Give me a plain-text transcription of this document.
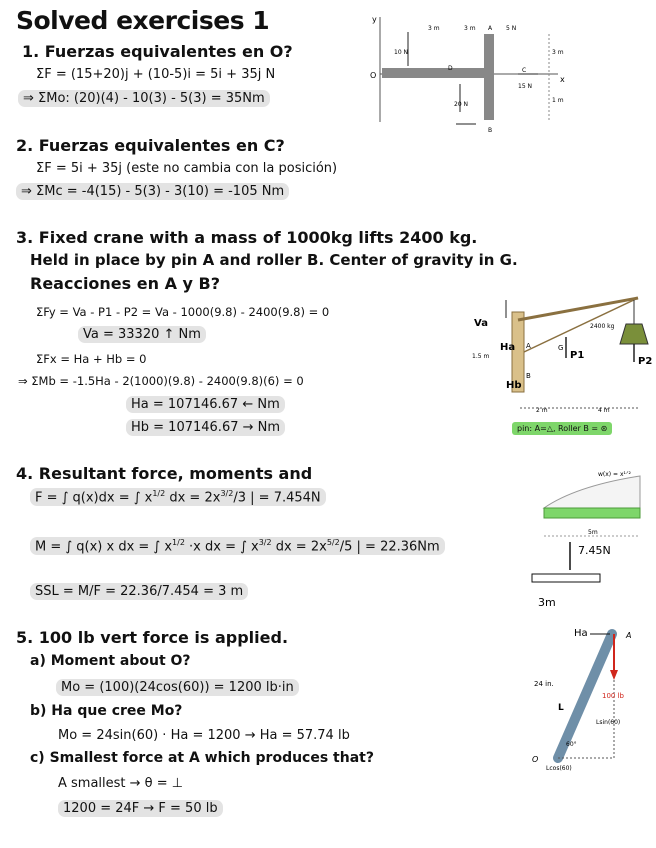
Solved exercises 1
1. Fuerzas equivalentes en O?
ΣF = (15+20)j + (10-5)i = 5i + 35j N
⇒ ΣMo: (20)(4) - 10(3) - 5(3) = 35Nm
y
x
O
10 N
20 N
5 N
A
D
B
C
3 m	3 m
3 m
1 m
15 N
2. Fuerzas equivalentes en C?
ΣF = 5i + 35j (este no cambia con la posición)
⇒ ΣMc = -4(15) - 5(3) - 3(10) = -105 Nm
3. Fixed crane with a mass of 1000kg lifts 2400 kg.
Held in place by pin A and roller B. Center of gravity in G.
Reacciones en A y B?
ΣFy = Va - P1 - P2 = Va - 1000(9.8) - 2400(9.8) = 0
Va = 33320 ↑ Nm
ΣFx = Ha + Hb = 0
⇒ ΣMb = -1.5Ha - 2(1000)(9.8) - 2400(9.8)(6) = 0
Ha = 107146.67 ← Nm
Hb = 107146.67 → Nm
Va
Ha
Hb
P1
P2
A
B
G
2400 kg
1.5 m
2 m	4 m
pin: A=△, Roller B = ⊛
4. Resultant force, moments and
F = ∫ q(x)dx = ∫ $x^{1/2}$ dx = $2x^{3/2}/3$ | = 7.454N
M = ∫ q(x) x dx = ∫ $x^{1/2} \cdot x$ dx = ∫ $x^{3/2}$ dx = $2x^{5/2}/5$ | = 22.36Nm
SSL = M/F = 22.36/7.454 = 3 m
w(x) = x¹ᐟ²
5m
7.45N
3m
5. 100 lb vert force is applied.
a) Moment about O?
Mo = (100)(24cos(60)) = 1200 lb·in
b) Ha que cree Mo?
Mo = 24sin(60) · Ha = 1200 → Ha = 57.74 lb
c) Smallest force at A which produces that?
A smallest → θ = ⊥
1200 = 24F → F = 50 lb
Ha	A
24 in.
100 lb
L
Lsin(60)
60°
O
Lcos(60)
